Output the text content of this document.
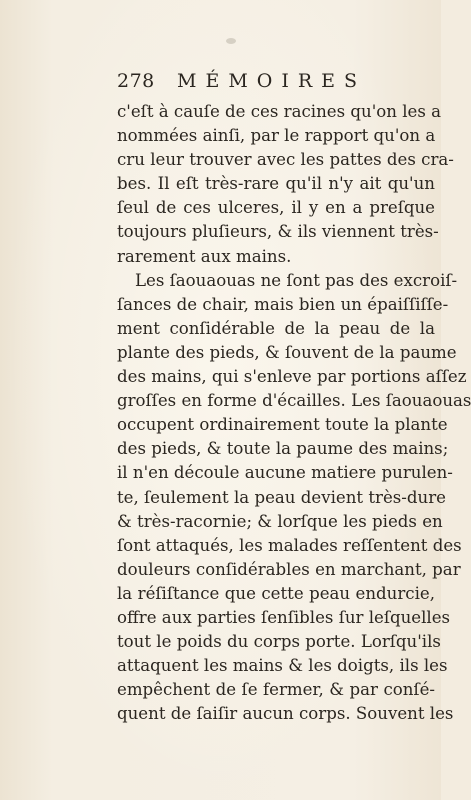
278 MÉMOIRES
c'eſt à cauſe de ces racines qu'on les a
nommées ainſi, par le rapport qu'on a
cru leur trouver avec les pattes des cra-
bes. Il eſt très-rare qu'il n'y ait qu'un
ſeul de ces ulceres, il y en a preſque
toujours pluſieurs, & ils viennent très-
rarement aux mains.
Les ſaouaouas ne ſont pas des excroiſ-
ſances de chair, mais bien un épaiſſiſſe-
ment conſidérable de la peau de la
plante des pieds, & ſouvent de la paume
des mains, qui s'enleve par portions aſſez
groſſes en forme d'écailles. Les ſaouaouas
occupent ordinairement toute la plante
des pieds, & toute la paume des mains;
il n'en découle aucune matiere purulen-
te, ſeulement la peau devient très-dure
& très-racornie; & lorſque les pieds en
ſont attaqués, les malades reſſentent des
douleurs conſidérables en marchant, par
la réſiſtance que cette peau endurcie,
offre aux parties ſenſibles ſur leſquelles
tout le poids du corps porte. Lorſqu'ils
attaquent les mains & les doigts, ils les
empêchent de ſe fermer, & par conſé-
quent de ſaiſir aucun corps. Souvent les
